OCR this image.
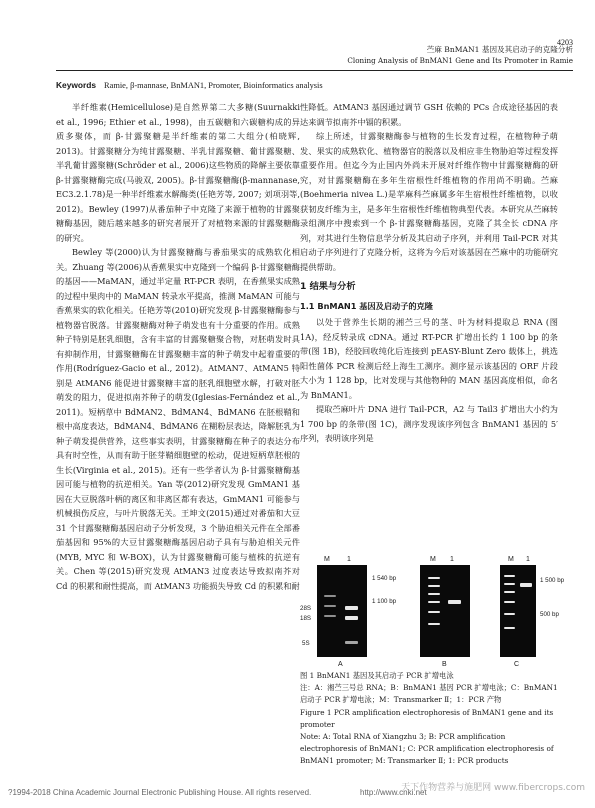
苎麻 BnMAN1 基因及其启动子的克隆分析
Cloning Analysis of BnMAN1 Gene and Its Promoter in Ramie
4203
Keywords Ramie, β-mannase, BnMAN1, Promoter, Bioinformatics analysis

半纤维素(Hemicellulose)是自然界第二大多糖(Suurnakki et al., 1996; Ethier et al., 1998)，由五碳糖和六碳糖构成的异质多聚体，而 β-甘露聚糖是半纤维素的第二大组分(柏晓辉, 2013)。甘露聚糖分为纯甘露聚糖、半乳甘露聚糖、葡甘露聚糖、半乳葡甘露聚糖(Schröder et al., 2006)这些物质的降解主要依靠 β-甘露聚糖酶完成(马骏双, 2005)。β-甘露聚糖酶(β-mannanase, EC3.2.1.78)是一种半纤维素水解酶类(任艳芳等, 2007; 刘项羽等, 2012)。Bewley (1997)从番茄种子中克隆了来源于植物的甘露聚糖酶基因，随后越来越多的研究者展开了对植物来源的甘露聚糖酶的研究。

Bewley 等(2000)认为甘露聚糖酶与番茄果实的成熟软化相关。Zhuang 等(2006)从香蕉果实中克隆到一个编码 β-甘露聚糖酶的基因——MaMAN，通过半定量 RT-PCR 表明，在香蕉果实成熟的过程中果肉中的 MaMAN 转录水平提高，推测 MaMAN 可能与香蕉果实的软化相关。任艳芳等(2010)研究发现 β-甘露聚糖酶参与植物器官脱落。甘露聚糖酶对种子萌发也有十分重要的作用。成熟种子特别是胚乳细胞，含有丰富的甘露聚糖聚合物，对胚萌发时具有抑制作用，甘露聚糖酶在甘露聚糖丰富的种子萌发中起着重要的作用(Rodríguez-Gacio et al., 2012)。AtMAN7、AtMAN5 特别是 AtMAN6 能促进甘露聚糖丰富的胚乳细胞壁水解，打破对胚萌发的阻力，促进拟南芥种子的萌发(Iglesias-Fernández et al., 2011)。短柄草中 BdMAN2、BdMAN4、BdMAN6 在胚根鞘和根中高度表达，BdMAN4、BdMAN6 在糊粉层表达，降解胚乳为种子萌发提供营养，这些事实表明，甘露聚糖酶在种子的表达分布具有时空性，从而有助于胚芽鞘细胞壁的松动，促进短柄草胚根的生长(Virginia et al., 2015)。还有一些学者认为 β-甘露聚糖酶基因可能与植物的抗逆相关。Yan 等(2012)研究发现 GmMAN1 基因在大豆脱落叶柄的离区和非离区都有表达，GmMAN1 可能参与机械损伤反应，与叶片脱落无关。王坤文(2015)通过对番茄和大豆 31 个甘露聚糖酶基因启动子分析发现，3 个胁迫相关元件在全部番茄基因和 95%的大豆甘露聚糖酶基因启动子具有与胁迫相关元件(MYB, MYC 和 W-BOX)，认为甘露聚糖酶可能与植株的抗逆有关。Chen 等(2015)研究发现 AtMAN3 过度表达导致拟南芥对 Cd 的积累和耐性提高，而 AtMAN3 功能损失导致 Cd 的积累和耐

性降低。AtMAN3 基因通过调节 GSH 依赖的 PCs 合成途径基因的表达来调节拟南芥中镉的积累。

综上所述，甘露聚糖酶参与植物的生长发育过程，在植物种子萌发、果实的成熟软化、植物器官的脱落以及相应非生物胁迫等过程发挥重要作用。但迄今为止国内外尚未开展对纤维作物中甘露聚糖酶的研究，对甘露聚糖酶在多年生宿根性纤维植物的作用尚不明确。苎麻(Boehmeria nivea L.)是苹麻科苎麻属多年生宿根性纤维植物，以收获韧皮纤维为主，是多年生宿根性纤维植物典型代表。本研究从苎麻转录组测序中搜索到一个 β-甘露聚糖酶基因，克隆了其全长 cDNA 序列，对其进行生物信息学分析及其启动子序列，并利用 Tail-PCR 对其启动子序列进行了克隆分析，这将为今后对该基因在苎麻中的功能研究提供帮助。

1 结果与分析
1.1 BnMAN1 基因及启动子的克隆

以处于营养生长期的湘苎三号的茎、叶为材料提取总 RNA (图 1A)，经反转录成 cDNA。通过 RT-PCR 扩增出长约 1 100 bp 的条带(图 1B)，经胶回收纯化后连接到 pEASY-Blunt Zero 载体上，挑选阳性菌体 PCR 检测后经上海生工测序。测序显示该基因的 ORF 片段大小为 1 128 bp，比对发现与其他物种的 MAN 基因高度相似，命名为 BnMAN1。

提取苎麻叶片 DNA 进行 Tail-PCR，A2 与 Tail3 扩增出大小约为 1 700 bp 的条带(图 1C)，测序发现该序列包含 BnMAN1 基因的 5′ 序列，表明该序列是

28S
18S
5S
M 1
A
1 540 bp
1 100 bp
M 1
B
M 1
1 500 bp
500 bp
C

图 1 BnMAN1 基因及其启动子 PCR 扩增电泳

注：A：湘苎三号总 RNA；B：BnMAN1 基因 PCR 扩增电泳；C：BnMAN1 启动子 PCR 扩增电泳；M：Transmarker Ⅱ；1：PCR 产物

Figure 1 PCR amplification electrophoresis of BnMAN1 gene and its promoter

Note: A: Total RNA of Xiangzhu 3; B: PCR amplification electrophoresis of BnMAN1; C: PCR amplification electrophoresis of BnMAN1 promoter; M: Transmarker Ⅱ; 1: PCR products

?1994-2018 China Academic Journal Electronic Publishing House. All rights reserved.	http://www.cnki.net
天下作物营养与施肥网 www.fibercrops.com
